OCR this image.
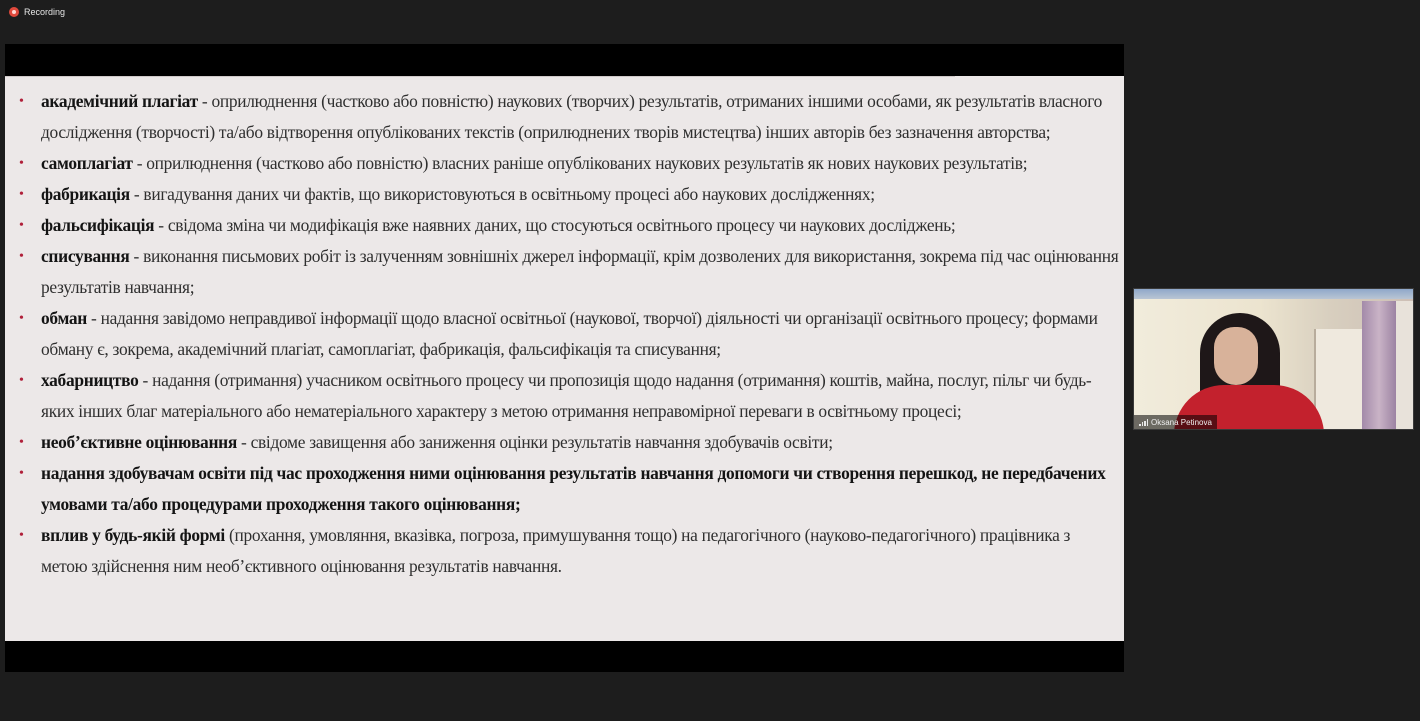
Recording
• академічний плагіат - оприлюднення (частково або повністю) наукових (творчих) результатів, отриманих іншими особами, як результатів власного дослідження (творчості) та/або відтворення опублікованих текстів (оприлюднених творів мистецтва) інших авторів без зазначення авторства;
• самоплагіат - оприлюднення (частково або повністю) власних раніше опублікованих наукових результатів як нових наукових результатів;
• фабрикація - вигадування даних чи фактів, що використовуються в освітньому процесі або наукових дослідженнях;
• фальсифікація - свідома зміна чи модифікація вже наявних даних, що стосуються освітнього процесу чи наукових досліджень;
• списування - виконання письмових робіт із залученням зовнішніх джерел інформації, крім дозволених для використання, зокрема під час оцінювання результатів навчання;
• обман - надання завідомо неправдивої інформації щодо власної освітньої (наукової, творчої) діяльності чи організації освітнього процесу; формами обману є, зокрема, академічний плагіат, самоплагіат, фабрикація, фальсифікація та списування;
• хабарництво - надання (отримання) учасником освітнього процесу чи пропозиція щодо надання (отримання) коштів, майна, послуг, пільг чи будь-яких інших благ матеріального або нематеріального характеру з метою отримання неправомірної переваги в освітньому процесі;
• необ’єктивне оцінювання - свідоме завищення або заниження оцінки результатів навчання здобувачів освіти;
• надання здобувачам освіти під час проходження ними оцінювання результатів навчання допомоги чи створення перешкод, не передбачених умовами та/або процедурами проходження такого оцінювання;
• вплив у будь-якій формі (прохання, умовляння, вказівка, погроза, примушування тощо) на педагогічного (науково-педагогічного) працівника з метою здійснення ним необ’єктивного оцінювання результатів навчання.
Oksana Petinova
